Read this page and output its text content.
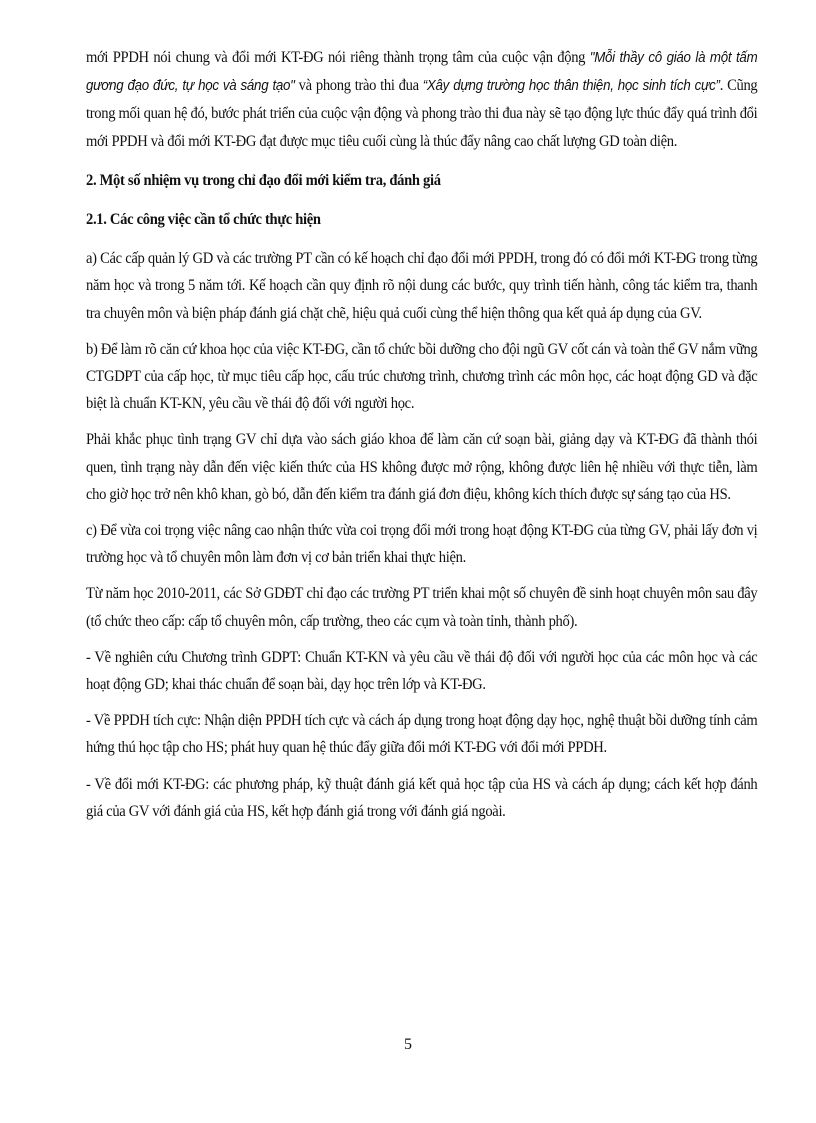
mới PPDH nói chung và đổi mới KT-ĐG nói riêng thành trọng tâm của cuộc vận động "Mỗi thầy cô giáo là một tấm gương đạo đức, tự học và sáng tạo" và phong trào thi đua “Xây dựng trường học thân thiện, học sinh tích cực”. Cũng trong mối quan hệ đó, bước phát triển của cuộc vận động và phong trào thi đua này sẽ tạo động lực thúc đẩy quá trình đổi mới PPDH và đổi mới KT-ĐG đạt được mục tiêu cuối cùng là thúc đẩy nâng cao chất lượng GD toàn diện.

2. Một số nhiệm vụ trong chỉ đạo đổi mới kiểm tra, đánh giá

2.1. Các công việc cần tổ chức thực hiện

a) Các cấp quản lý GD và các trường PT cần có kế hoạch chỉ đạo đổi mới PPDH, trong đó có đổi mới KT-ĐG trong từng năm học và trong 5 năm tới. Kế hoạch cần quy định rõ nội dung các bước, quy trình tiến hành, công tác kiểm tra, thanh tra chuyên môn và biện pháp đánh giá chặt chẽ, hiệu quả cuối cùng thể hiện thông qua kết quả áp dụng của GV.

b) Để làm rõ căn cứ khoa học của việc KT-ĐG, cần tổ chức bồi dưỡng cho đội ngũ GV cốt cán và toàn thể GV nắm vững CTGDPT của cấp học, từ mục tiêu cấp học, cấu trúc chương trình, chương trình các môn học, các hoạt động GD và đặc biệt là chuẩn KT-KN, yêu cầu về thái độ đối với người học.

Phải khắc phục tình trạng GV chỉ dựa vào sách giáo khoa để làm căn cứ soạn bài, giảng dạy và KT-ĐG đã thành thói quen, tình trạng này dẫn đến việc kiến thức của HS không được mở rộng, không được liên hệ nhiều với thực tiễn, làm cho giờ học trở nên khô khan, gò bó, dẫn đến kiểm tra đánh giá đơn điệu, không kích thích được sự sáng tạo của HS.

c) Để vừa coi trọng việc nâng cao nhận thức vừa coi trọng đổi mới trong hoạt động KT-ĐG của từng GV, phải lấy đơn vị trường học và tổ chuyên môn làm đơn vị cơ bản triển khai thực hiện.

Từ năm học 2010-2011, các Sở GDĐT chỉ đạo các trường PT triển khai một số chuyên đề sinh hoạt chuyên môn sau đây (tổ chức theo cấp: cấp tổ chuyên môn, cấp trường, theo các cụm và toàn tỉnh, thành phố).

- Về nghiên cứu Chương trình GDPT: Chuẩn KT-KN và yêu cầu về thái độ đối với người học của các môn học và các hoạt động GD; khai thác chuẩn để soạn bài, dạy học trên lớp và KT-ĐG.

- Về PPDH tích cực: Nhận diện PPDH tích cực và cách áp dụng trong hoạt động dạy học, nghệ thuật bồi dưỡng tính cảm hứng thú học tập cho HS; phát huy quan hệ thúc đẩy giữa đổi mới KT-ĐG với đổi mới PPDH.

- Về đổi mới KT-ĐG: các phương pháp, kỹ thuật đánh giá kết quả học tập của HS và cách áp dụng; cách kết hợp đánh giá của GV với đánh giá của HS, kết hợp đánh giá trong với đánh giá ngoài.

5
